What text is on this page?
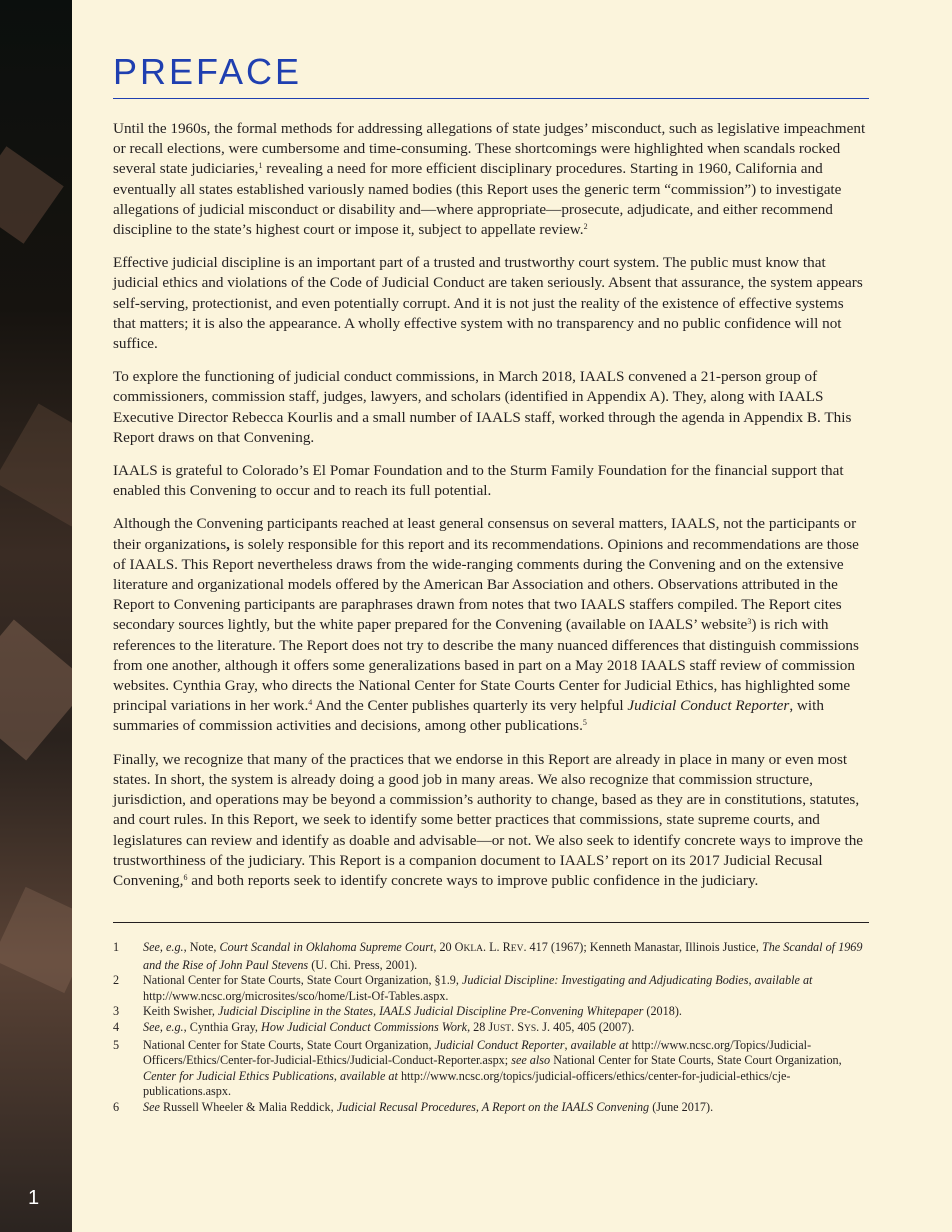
1
PREFACE

Until the 1960s, the formal methods for addressing allegations of state judges’ misconduct, such as legislative impeachment or recall elections, were cumbersome and time-consuming. These shortcomings were highlighted when scandals rocked several state judiciaries,$^1$ revealing a need for more efficient disciplinary procedures. Starting in 1960, California and eventually all states established variously named bodies (this Report uses the generic term “commission”) to investigate allegations of judicial misconduct or disability and—where appropriate—prosecute, adjudicate, and either recommend discipline to the state’s highest court or impose it, subject to appellate review.$^2$

Effective judicial discipline is an important part of a trusted and trustworthy court system. The public must know that judicial ethics and violations of the Code of Judicial Conduct are taken seriously. Absent that assurance, the system appears self-serving, protectionist, and even potentially corrupt. And it is not just the reality of the existence of effective systems that matters; it is also the appearance. A wholly effective system with no transparency and no public confidence will not suffice.

To explore the functioning of judicial conduct commissions, in March 2018, IAALS convened a 21-person group of commissioners, commission staff, judges, lawyers, and scholars (identified in Appendix A). They, along with IAALS Executive Director Rebecca Kourlis and a small number of IAALS staff, worked through the agenda in Appendix B. This Report draws on that Convening.

IAALS is grateful to Colorado’s El Pomar Foundation and to the Sturm Family Foundation for the financial support that enabled this Convening to occur and to reach its full potential.

Although the Convening participants reached at least general consensus on several matters, IAALS, not the participants or their organizations, is solely responsible for this report and its recommendations. Opinions and recommendations are those of IAALS. This Report nevertheless draws from the wide-ranging comments during the Convening and on the extensive literature and organizational models offered by the American Bar Association and others. Observations attributed in the Report to Convening participants are paraphrases drawn from notes that two IAALS staffers compiled. The Report cites secondary sources lightly, but the white paper prepared for the Convening (available on IAALS’ website$^3$) is rich with references to the literature. The Report does not try to describe the many nuanced differences that distinguish commissions from one another, although it offers some generalizations based in part on a May 2018 IAALS staff review of commission websites. Cynthia Gray, who directs the National Center for State Courts Center for Judicial Ethics, has highlighted some principal variations in her work.$^4$ And the Center publishes quarterly its very helpful Judicial Conduct Reporter, with summaries of commission activities and decisions, among other publications.$^5$

Finally, we recognize that many of the practices that we endorse in this Report are already in place in many or even most states. In short, the system is already doing a good job in many areas. We also recognize that commission structure, jurisdiction, and operations may be beyond a commission’s authority to change, based as they are in constitutions, statutes, and court rules. In this Report, we seek to identify some better practices that commissions, state supreme courts, and legislatures can review and identify as doable and advisable—or not. We also seek to identify concrete ways to improve the trustworthiness of the judiciary. This Report is a companion document to IAALS’ report on its 2017 Judicial Recusal Convening,$^6$ and both reports seek to identify concrete ways to improve public confidence in the judiciary.

1	See, e.g., Note, Court Scandal in Oklahoma Supreme Court, 20 OKLA. L. REV. 417 (1967); Kenneth Manastar, Illinois Justice, The Scandal of 1969 and the Rise of John Paul Stevens (U. Chi. Press, 2001).
2	National Center for State Courts, State Court Organization, §1.9, Judicial Discipline: Investigating and Adjudicating Bodies, available at http://www.ncsc.org/microsites/sco/home/List-Of-Tables.aspx.
3	Keith Swisher, Judicial Discipline in the States, IAALS Judicial Discipline Pre-Convening Whitepaper (2018).
4	See, e.g., Cynthia Gray, How Judicial Conduct Commissions Work, 28 JUST. SYS. J. 405, 405 (2007).
5	National Center for State Courts, State Court Organization, Judicial Conduct Reporter, available at http://www.ncsc.org/Topics/Judicial-Officers/Ethics/Center-for-Judicial-Ethics/Judicial-Conduct-Reporter.aspx; see also National Center for State Courts, State Court Organization, Center for Judicial Ethics Publications, available at http://www.ncsc.org/topics/judicial-officers/ethics/center-for-judicial-ethics/cje-publications.aspx.
6	See Russell Wheeler & Malia Reddick, Judicial Recusal Procedures, A Report on the IAALS Convening (June 2017).
